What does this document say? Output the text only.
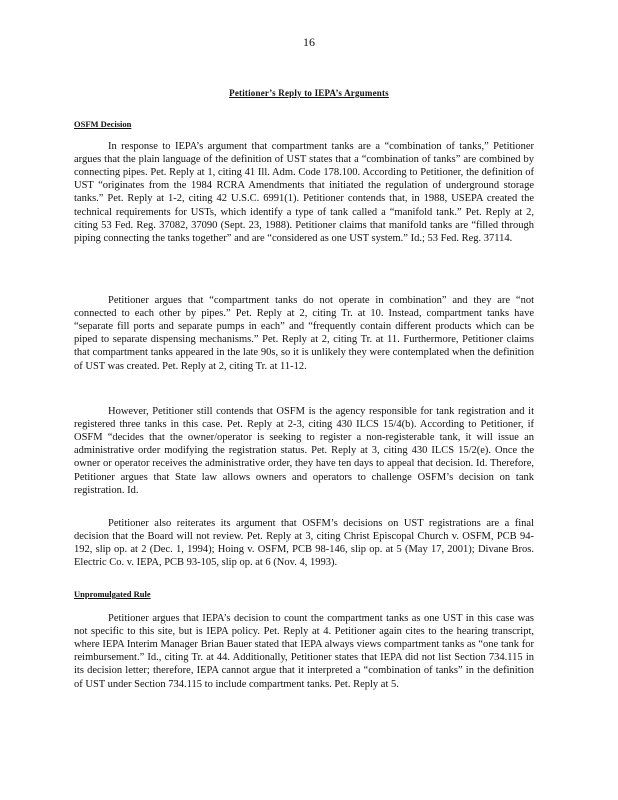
16
Petitioner’s Reply to IEPA’s Arguments
OSFM Decision

In response to IEPA’s argument that compartment tanks are a “combination of tanks,” Petitioner argues that the plain language of the definition of UST states that a “combination of tanks” are combined by connecting pipes. Pet. Reply at 1, citing 41 Ill. Adm. Code 178.100. According to Petitioner, the definition of UST “originates from the 1984 RCRA Amendments that initiated the regulation of underground storage tanks.” Pet. Reply at 1-2, citing 42 U.S.C. 6991(1). Petitioner contends that, in 1988, USEPA created the technical requirements for USTs, which identify a type of tank called a “manifold tank.” Pet. Reply at 2, citing 53 Fed. Reg. 37082, 37090 (Sept. 23, 1988). Petitioner claims that manifold tanks are “filled through piping connecting the tanks together” and are “considered as one UST system.” Id.; 53 Fed. Reg. 37114.

Petitioner argues that “compartment tanks do not operate in combination” and they are “not connected to each other by pipes.” Pet. Reply at 2, citing Tr. at 10. Instead, compartment tanks have “separate fill ports and separate pumps in each” and “frequently contain different products which can be piped to separate dispensing mechanisms.” Pet. Reply at 2, citing Tr. at 11. Furthermore, Petitioner claims that compartment tanks appeared in the late 90s, so it is unlikely they were contemplated when the definition of UST was created. Pet. Reply at 2, citing Tr. at 11-12.

However, Petitioner still contends that OSFM is the agency responsible for tank registration and it registered three tanks in this case. Pet. Reply at 2-3, citing 430 ILCS 15/4(b). According to Petitioner, if OSFM “decides that the owner/operator is seeking to register a non-registerable tank, it will issue an administrative order modifying the registration status. Pet. Reply at 3, citing 430 ILCS 15/2(e). Once the owner or operator receives the administrative order, they have ten days to appeal that decision. Id. Therefore, Petitioner argues that State law allows owners and operators to challenge OSFM’s decision on tank registration. Id.

Petitioner also reiterates its argument that OSFM’s decisions on UST registrations are a final decision that the Board will not review. Pet. Reply at 3, citing Christ Episcopal Church v. OSFM, PCB 94-192, slip op. at 2 (Dec. 1, 1994); Hoing v. OSFM, PCB 98-146, slip op. at 5 (May 17, 2001); Divane Bros. Electric Co. v. IEPA, PCB 93-105, slip op. at 6 (Nov. 4, 1993).

Unpromulgated Rule

Petitioner argues that IEPA’s decision to count the compartment tanks as one UST in this case was not specific to this site, but is IEPA policy. Pet. Reply at 4. Petitioner again cites to the hearing transcript, where IEPA Interim Manager Brian Bauer stated that IEPA always views compartment tanks as “one tank for reimbursement.” Id., citing Tr. at 44. Additionally, Petitioner states that IEPA did not list Section 734.115 in its decision letter; therefore, IEPA cannot argue that it interpreted a “combination of tanks” in the definition of UST under Section 734.115 to include compartment tanks. Pet. Reply at 5.
